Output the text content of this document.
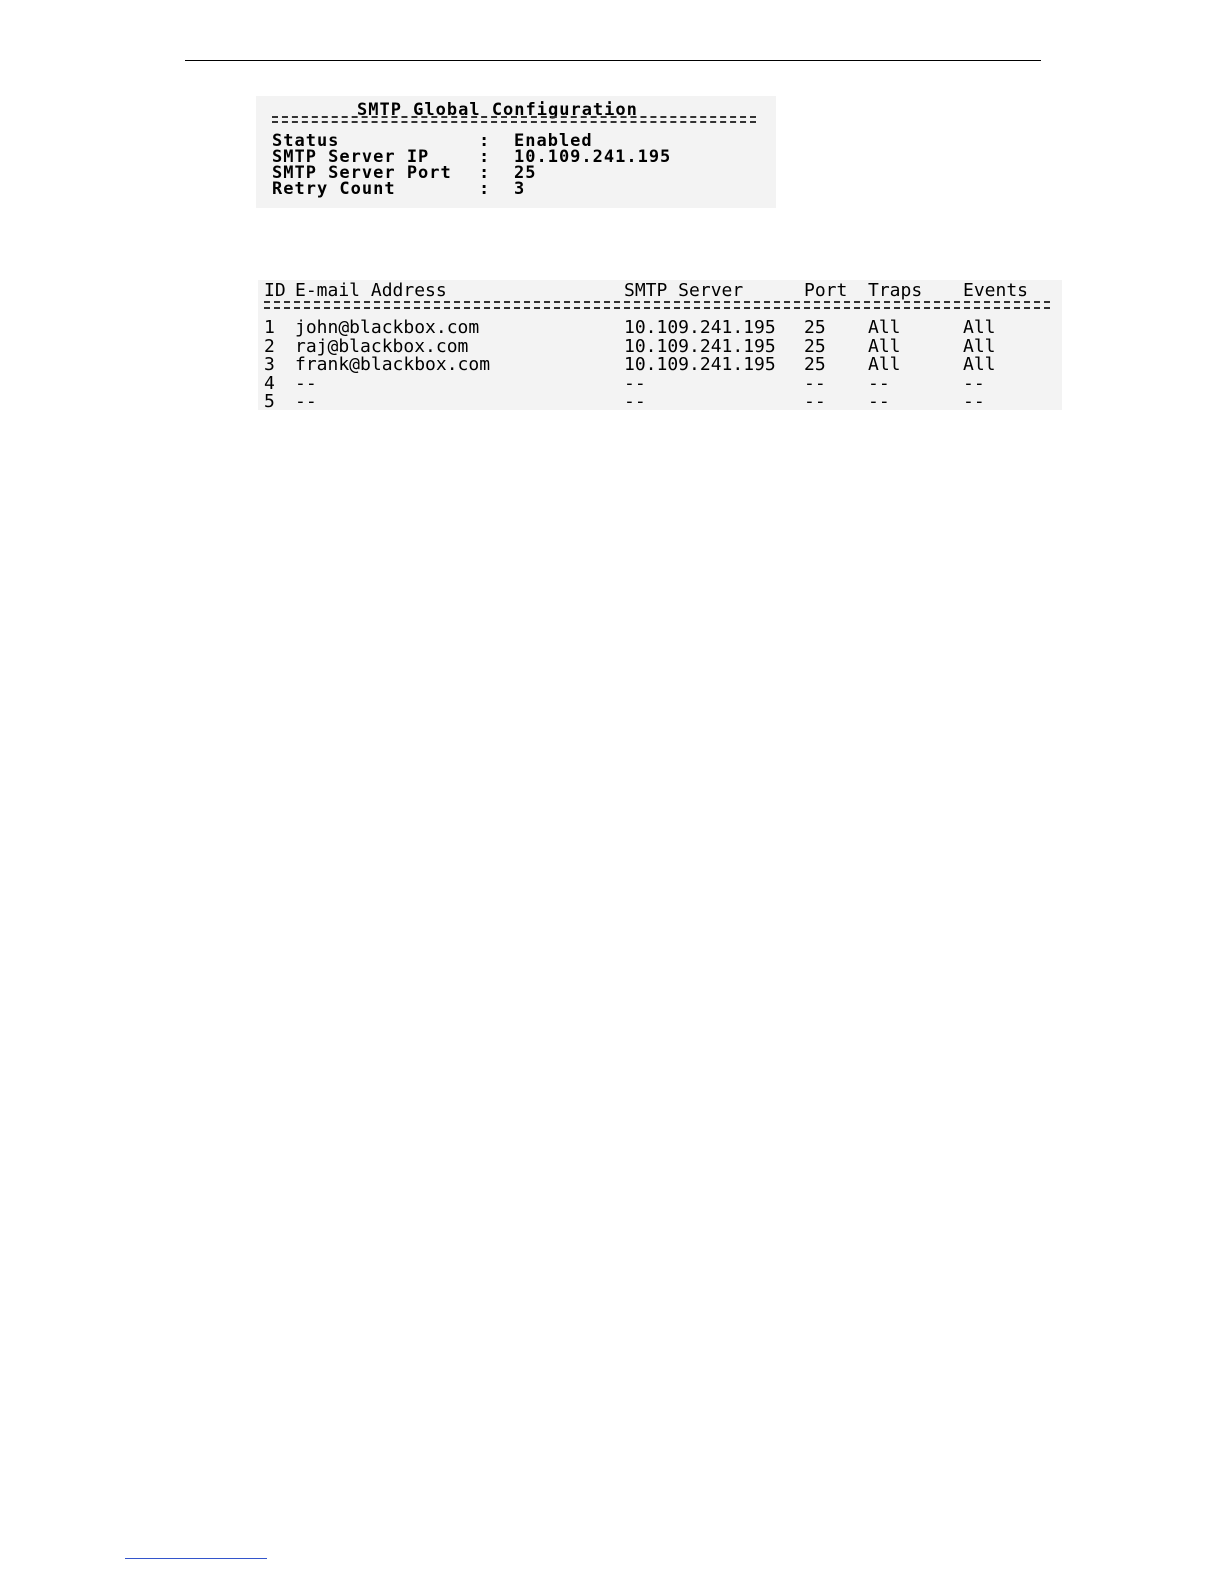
SMTP Global Configuration
Status	: Enabled
SMTP Server IP	: 10.109.241.195
SMTP Server Port : 25
Retry Count	: 3
ID E-mail Address	SMTP Server	Port Traps Events
1 john@blackbox.com	10.109.241.195 25 All	All
2 raj@blackbox.com	10.109.241.195 25 All	All
3 frank@blackbox.com	10.109.241.195 25 All	All
4 --	--	-- --	--
5 --	--	-- --	--
